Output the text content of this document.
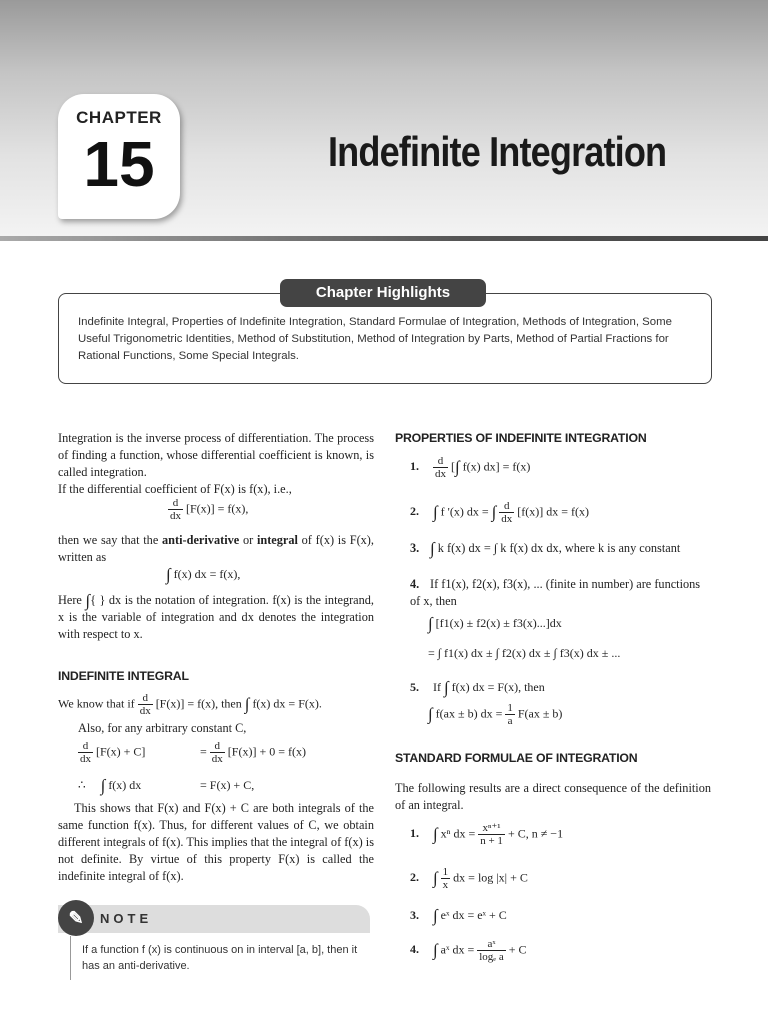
CHAPTER
15	Indefinite Integration
Chapter Highlights
Indefinite Integral, Properties of Indefinite Integration, Standard Formulae of Integration, Methods of Integration, Some Useful Trigonometric Identities, Method of Substitution, Method of Integration by Parts, Method of Partial Fractions for Rational Functions, Some Special Integrals.
Integration is the inverse process of differentiation. The process of finding a function, whose differential coefficient is known, is called integration.
If the differential coefficient of F(x) is f(x), i.e.,
$\frac{d}{dx} [F(x)] = f(x)$,
then we say that the anti-derivative or integral of f(x) is F(x), written as
∫ f(x) dx = f(x),
Here ∫{ } dx is the notation of integration. f(x) is the integrand, x is the variable of integration and dx denotes the integration with respect to x.
INDEFINITE INTEGRAL
We know that if $\frac{d}{dx} [F(x)] = f(x)$, then ∫ f(x) dx = F(x).
Also, for any arbitrary constant C,
$\frac{d}{dx} [F(x) + C]$	= $\frac{d}{dx} [F(x)] + 0 = f(x)$
∴ ∫ f(x) dx	= F(x) + C,
This shows that F(x) and F(x) + C are both integrals of the same function f(x). Thus, for different values of C, we obtain different integrals of f(x). This implies that the integral of f(x) is not definite. By virtue of this property F(x) is called the indefinite integral of f(x).
✎	NOTE
If a function f (x) is continuous on in interval [a, b], then it has an anti-derivative.
PROPERTIES OF INDEFINITE INTEGRATION
1. $\frac{d}{dx}$ [∫ f(x) dx] = f(x)
2. ∫ f '(x) dx = ∫ $\frac{d}{dx} [f(x)]$ dx = f(x)
3. ∫ k f(x) dx = ∫ k f(x) dx dx, where k is any constant
4. If f1(x), f2(x), f3(x), ... (finite in number) are functions of x, then
∫ [f1(x) ± f2(x) ± f3(x)...]dx
= ∫ f1(x) dx ± ∫ f2(x) dx ± ∫ f3(x) dx ± ...
5. If ∫ f(x) dx = F(x), then
∫ f(ax ± b) dx = $\frac{1}{a} F(ax \pm b)$
STANDARD FORMULAE OF INTEGRATION
The following results are a direct consequence of the definition of an integral.
1. ∫ xⁿ dx = $\frac{\text{xⁿ⁺¹}}{n + 1} + C$, n ≠ −1
2. ∫ $\frac{1}{x}$ dx = log |x| + C
3. ∫ eˣ dx = eˣ + C
4. ∫ aˣ dx = $\frac{\text{aˣ}}{\text{logₑ a}} + C$
